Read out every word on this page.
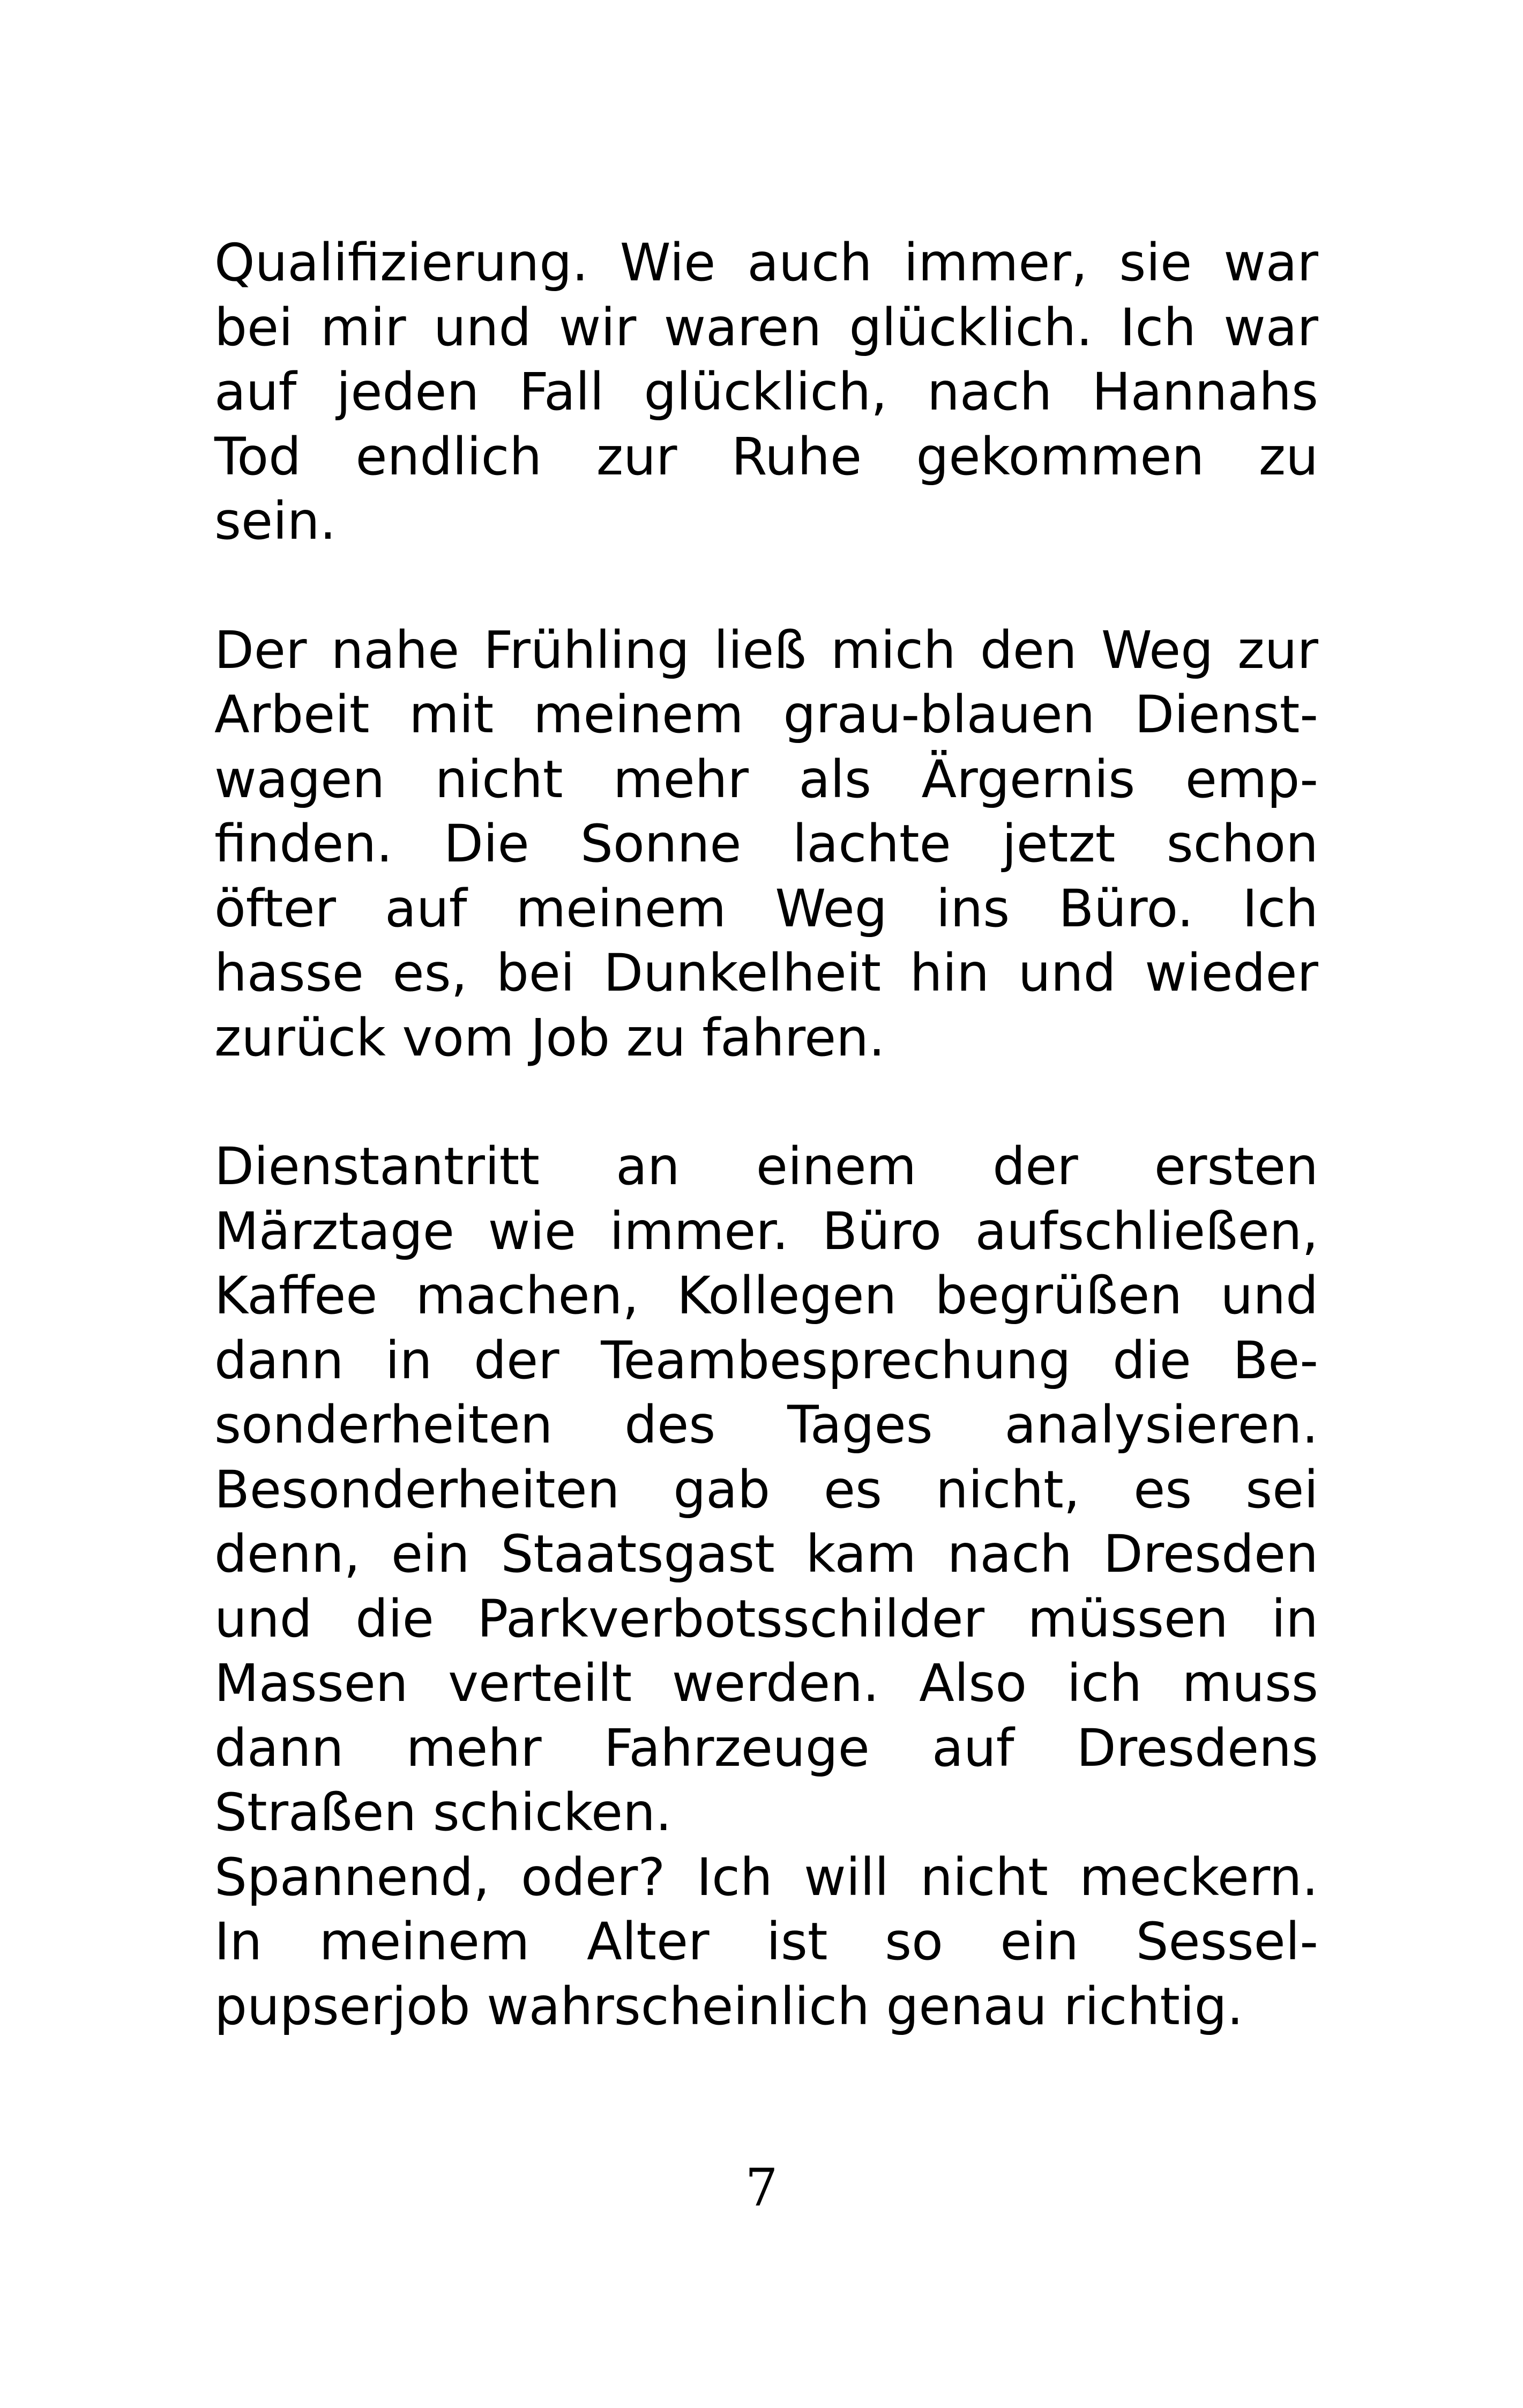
Qualifizierung. Wie auch immer, sie war
bei mir und wir waren glücklich. Ich war
auf jeden Fall glücklich, nach Hannahs
Tod endlich zur Ruhe gekommen zu
sein.
Der nahe Frühling ließ mich den Weg zur
Arbeit mit meinem grau-blauen Dienst-
wagen nicht mehr als Ärgernis emp-
finden. Die Sonne lachte jetzt schon
öfter auf meinem Weg ins Büro. Ich
hasse es, bei Dunkelheit hin und wieder
zurück vom Job zu fahren.
Dienstantritt an einem der ersten
Märztage wie immer. Büro aufschließen,
Kaffee machen, Kollegen begrüßen und
dann in der Teambesprechung die Be-
sonderheiten des Tages analysieren.
Besonderheiten gab es nicht, es sei
denn, ein Staatsgast kam nach Dresden
und die Parkverbotsschilder müssen in
Massen verteilt werden. Also ich muss
dann mehr Fahrzeuge auf Dresdens
Straßen schicken.
Spannend, oder? Ich will nicht meckern.
In meinem Alter ist so ein Sessel-
pupserjob wahrscheinlich genau richtig.
7
